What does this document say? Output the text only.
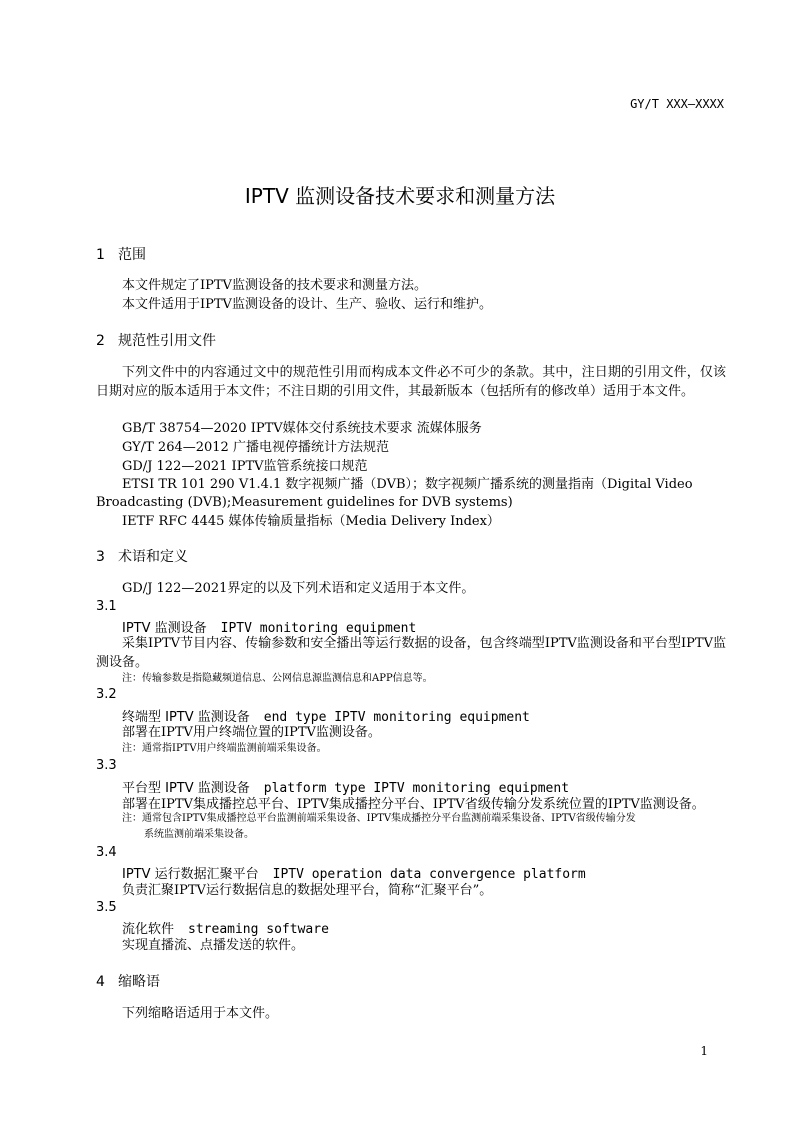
GY/T XXX—XXXX
IPTV 监测设备技术要求和测量方法
1 范围
本文件规定了IPTV监测设备的技术要求和测量方法。
本文件适用于IPTV监测设备的设计、生产、验收、运行和维护。
2 规范性引用文件
下列文件中的内容通过文中的规范性引用而构成本文件必不可少的条款。其中，注日期的引用文件，仅该日期对应的版本适用于本文件；不注日期的引用文件，其最新版本（包括所有的修改单）适用于本文件。
GB/T 38754—2020 IPTV媒体交付系统技术要求 流媒体服务
GY/T 264—2012 广播电视停播统计方法规范
GD/J 122—2021 IPTV监管系统接口规范
ETSI TR 101 290 V1.4.1 数字视频广播（DVB）；数字视频广播系统的测量指南（Digital Video
Broadcasting (DVB);Measurement guidelines for DVB systems)
IETF RFC 4445 媒体传输质量指标（Media Delivery Index）
3 术语和定义
GD/J 122—2021界定的以及下列术语和定义适用于本文件。
3.1
IPTV 监测设备 IPTV monitoring equipment
采集IPTV节目内容、传输参数和安全播出等运行数据的设备，包含终端型IPTV监测设备和平台型IPTV监测设备。
注：传输参数是指隐藏频道信息、公网信息源监测信息和APP信息等。
3.2
终端型 IPTV 监测设备 end type IPTV monitoring equipment
部署在IPTV用户终端位置的IPTV监测设备。
注：通常指IPTV用户终端监测前端采集设备。
3.3
平台型 IPTV 监测设备 platform type IPTV monitoring equipment
部署在IPTV集成播控总平台、IPTV集成播控分平台、IPTV省级传输分发系统位置的IPTV监测设备。
注：通常包含IPTV集成播控总平台监测前端采集设备、IPTV集成播控分平台监测前端采集设备、IPTV省级传输分发
系统监测前端采集设备。
3.4
IPTV 运行数据汇聚平台 IPTV operation data convergence platform
负责汇聚IPTV运行数据信息的数据处理平台，简称“汇聚平台”。
3.5
流化软件 streaming software
实现直播流、点播发送的软件。
4 缩略语
下列缩略语适用于本文件。
1
